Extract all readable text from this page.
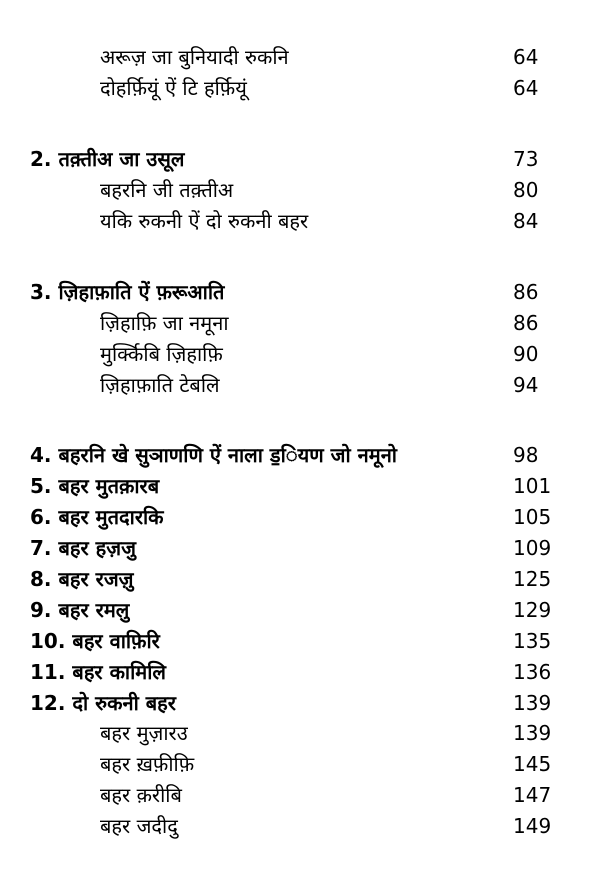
अरूज़ जा बुनियादी रुकनि	64
दोहर्फ़ियूं ऐं टि हर्फ़ियूं	64
2. तक़्तीअ जा उसूल	73
बहरनि जी तक़्तीअ	80
यकि रुकनी ऐं दो रुकनी बहर	84
3. ज़िहाफ़ाति ऐं फ़रूआति	86
ज़िहाफ़ि जा नमूना	86
मुर्क्किबि ज़िहाफ़ि	90
ज़िहाफ़ाति टेबलि	94
4. बहरनि खे सुञाणणि ऐं नाला ड॒ियण जो नमूनो	98
5. बहर मुतक़ारब	101
6. बहर मुतदारकि	105
7. बहर हज़जु	109
8. बहर रजज़ु	125
9. बहर रमलु	129
10. बहर वाफ़िरि	135
11. बहर कामिलि	136
12. दो रुकनी बहर	139
बहर मुज़ारउ	139
बहर ख़फ़ीफ़ि	145
बहर क़रीबि	147
बहर जदीदु	149
